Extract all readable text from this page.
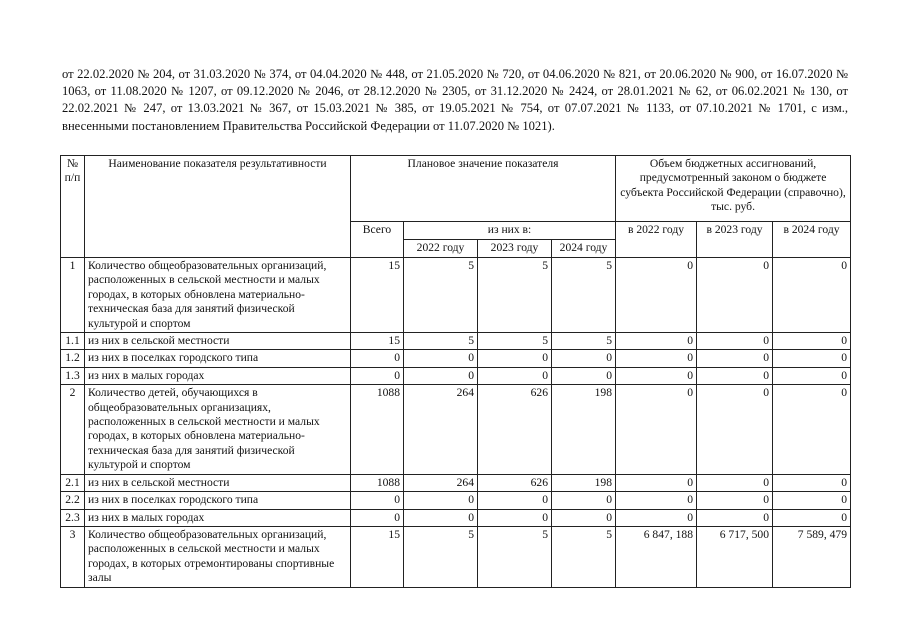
от 22.02.2020 № 204, от 31.03.2020 № 374, от 04.04.2020 № 448, от 21.05.2020 № 720, от 04.06.2020 № 821, от 20.06.2020 № 900, от 16.07.2020 № 1063, от 11.08.2020 № 1207, от 09.12.2020 № 2046, от 28.12.2020 № 2305, от 31.12.2020 № 2424, от 28.01.2021 № 62, от 06.02.2021 № 130, от 22.02.2021 № 247, от 13.03.2021 № 367, от 15.03.2021 № 385, от 19.05.2021 № 754, от 07.07.2021 № 1133, от 07.10.2021 № 1701, с изм., внесенными постановлением Правительства Российской Федерации от 11.07.2020 № 1021).
№ п/п	Наименование показателя результативности	Плановое значение показателя				Объем бюджетных ассигнований, предусмотренный законом о бюджете субъекта Российской Федерации (справочно), тыс. руб.		
		Всего	из них в:			в 2022 году	в 2023 году	в 2024 году
			2022 году	2023 году	2024 году			
1	Количество общеобразовательных организаций, расположенных в сельской местности и малых городах, в которых обновлена материально-техническая база для занятий физической культурой и спортом	15	5	5	5	0	0	0
1.1	из них в сельской местности	15	5	5	5	0	0	0
1.2	из них в поселках городского типа	0	0	0	0	0	0	0
1.3	из них в малых городах	0	0	0	0	0	0	0
2	Количество детей, обучающихся в общеобразовательных организациях, расположенных в сельской местности и малых городах, в которых обновлена материально-техническая база для занятий физической культурой и спортом	1088	264	626	198	0	0	0
2.1	из них в сельской местности	1088	264	626	198	0	0	0
2.2	из них в поселках городского типа	0	0	0	0	0	0	0
2.3	из них в малых городах	0	0	0	0	0	0	0
3	Количество общеобразовательных организаций, расположенных в сельской местности и малых городах, в которых отремонтированы спортивные залы	15	5	5	5	6 847, 188	6 717, 500	7 589, 479
